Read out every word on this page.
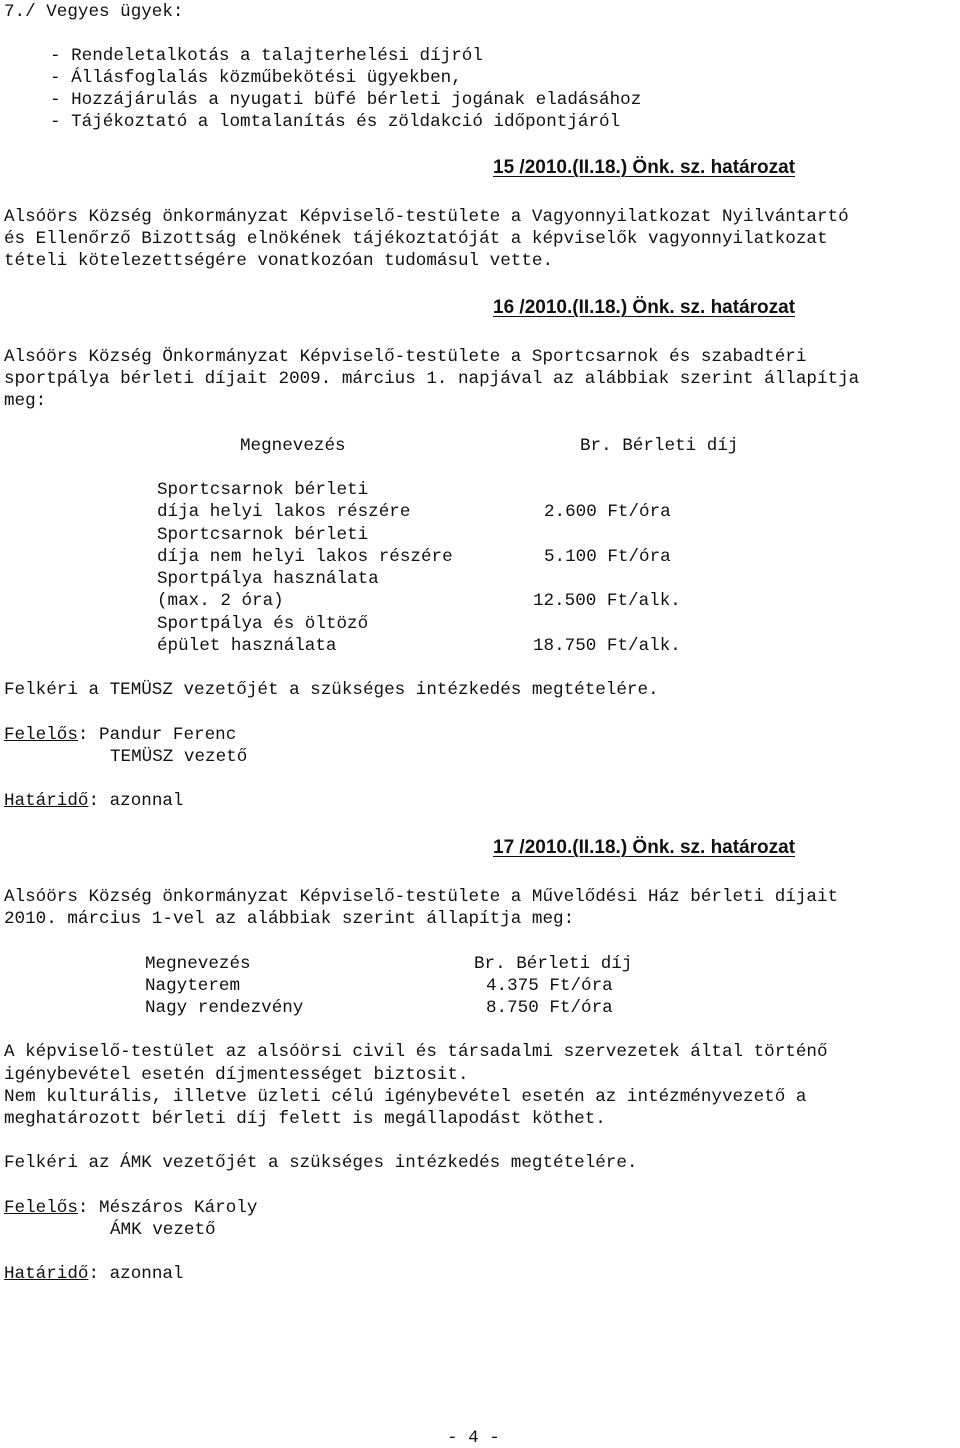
7./ Vegyes ügyek:
- Rendeletalkotás a talajterhelési díjról
- Állásfoglalás közműbekötési ügyekben,
- Hozzájárulás a nyugati büfé bérleti jogának eladásához
- Tájékoztató a lomtalanítás és zöldakció időpontjáról
15 /2010.(II.18.) Önk. sz. határozat
Alsóörs Község önkormányzat Képviselő-testülete a Vagyonnyilatkozat Nyilvántartó
és Ellenőrző Bizottság elnökének tájékoztatóját a képviselők vagyonnyilatkozat
tételi kötelezettségére vonatkozóan tudomásul vette.
16 /2010.(II.18.) Önk. sz. határozat
Alsóörs Község Önkormányzat Képviselő-testülete a Sportcsarnok és szabadtéri
sportpálya bérleti díjait 2009. március 1. napjával az alábbiak szerint állapítja
meg:
Megnevezés	Br. Bérleti díj
Sportcsarnok bérleti
díja helyi lakos részére	2.600 Ft/óra
Sportcsarnok bérleti
díja nem helyi lakos részére	5.100 Ft/óra
Sportpálya használata
(max. 2 óra)	12.500 Ft/alk.
Sportpálya és öltöző
épület használata	18.750 Ft/alk.
Felkéri a TEMÜSZ vezetőjét a szükséges intézkedés megtételére.
Felelős: Pandur Ferenc
TEMÜSZ vezető
Határidő: azonnal
17 /2010.(II.18.) Önk. sz. határozat
Alsóörs Község önkormányzat Képviselő-testülete a Művelődési Ház bérleti díjait
2010. március 1-vel az alábbiak szerint állapítja meg:
Megnevezés	Br. Bérleti díj
Nagyterem	4.375 Ft/óra
Nagy rendezvény	8.750 Ft/óra
A képviselő-testület az alsóörsi civil és társadalmi szervezetek által történő
igénybevétel esetén díjmentességet biztosit.
Nem kulturális, illetve üzleti célú igénybevétel esetén az intézményvezető a
meghatározott bérleti díj felett is megállapodást köthet.
Felkéri az ÁMK vezetőjét a szükséges intézkedés megtételére.
Felelős: Mészáros Károly
ÁMK vezető
Határidő: azonnal
- 4 -
